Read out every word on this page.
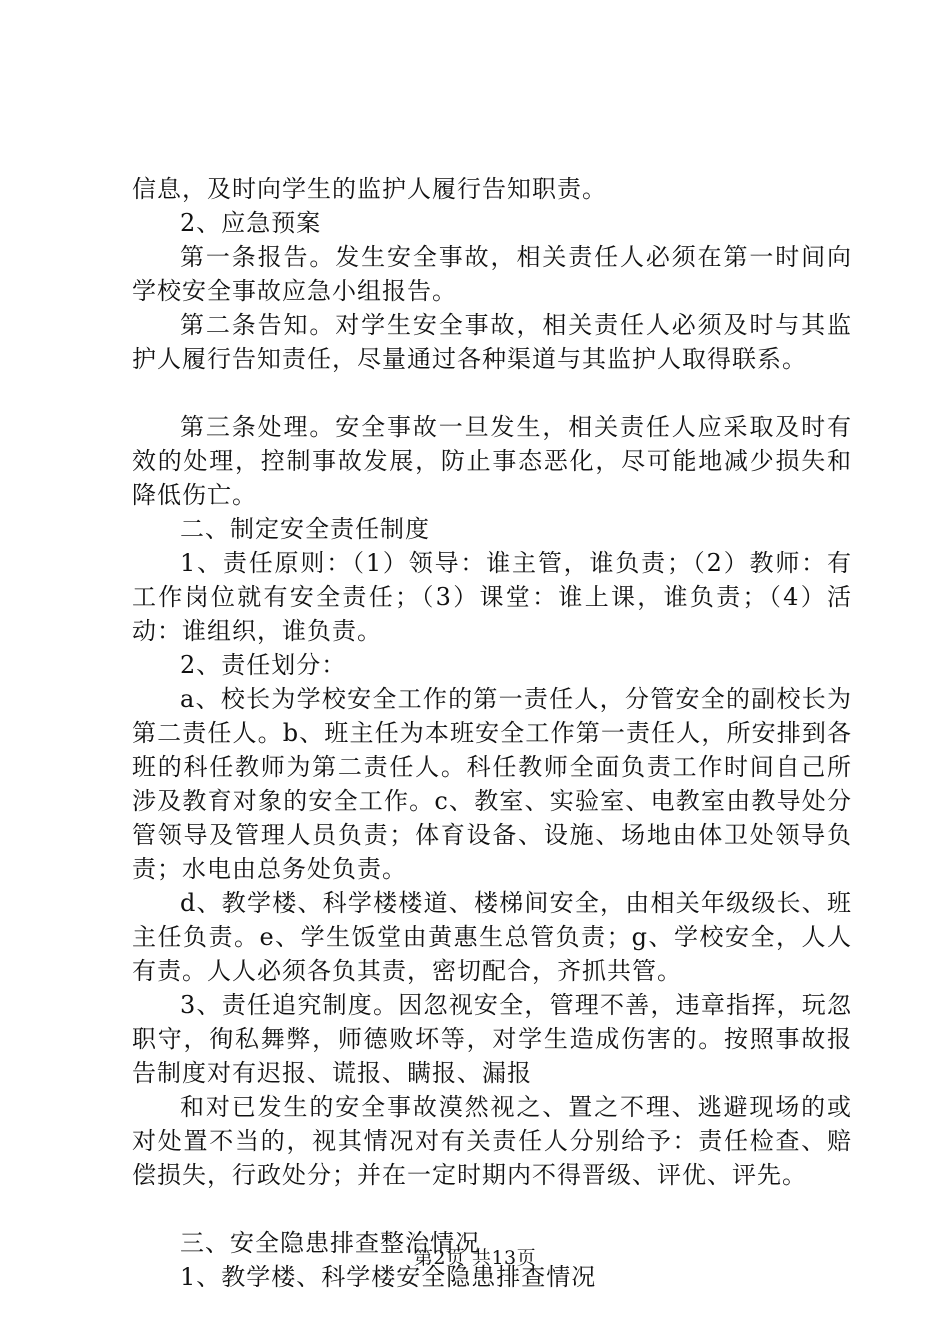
信息，及时向学生的监护人履行告知职责。

2、应急预案

第一条报告。发生安全事故，相关责任人必须在第一时间向学校安全事故应急小组报告。

第二条告知。对学生安全事故，相关责任人必须及时与其监护人履行告知责任，尽量通过各种渠道与其监护人取得联系。

第三条处理。安全事故一旦发生，相关责任人应采取及时有效的处理，控制事故发展，防止事态恶化，尽可能地减少损失和降低伤亡。

二、制定安全责任制度

1、责任原则：（1）领导：谁主管，谁负责；（2）教师：有工作岗位就有安全责任；（3）课堂：谁上课，谁负责；（4）活动：谁组织，谁负责。

2、责任划分：

a、校长为学校安全工作的第一责任人，分管安全的副校长为第二责任人。b、班主任为本班安全工作第一责任人，所安排到各班的科任教师为第二责任人。科任教师全面负责工作时间自己所涉及教育对象的安全工作。c、教室、实验室、电教室由教导处分管领导及管理人员负责；体育设备、设施、场地由体卫处领导负责；水电由总务处负责。

d、教学楼、科学楼楼道、楼梯间安全，由相关年级级长、班主任负责。e、学生饭堂由黄惠生总管负责；g、学校安全，人人有责。人人必须各负其责，密切配合，齐抓共管。

3、责任追究制度。因忽视安全，管理不善，违章指挥，玩忽职守，徇私舞弊，师德败坏等，对学生造成伤害的。按照事故报告制度对有迟报、谎报、瞒报、漏报

和对已发生的安全事故漠然视之、置之不理、逃避现场的或对处置不当的，视其情况对有关责任人分别给予：责任检查、赔偿损失，行政处分；并在一定时期内不得晋级、评优、评先。

三、安全隐患排查整治情况

1、教学楼、科学楼安全隐患排查情况

第2页 共13页
